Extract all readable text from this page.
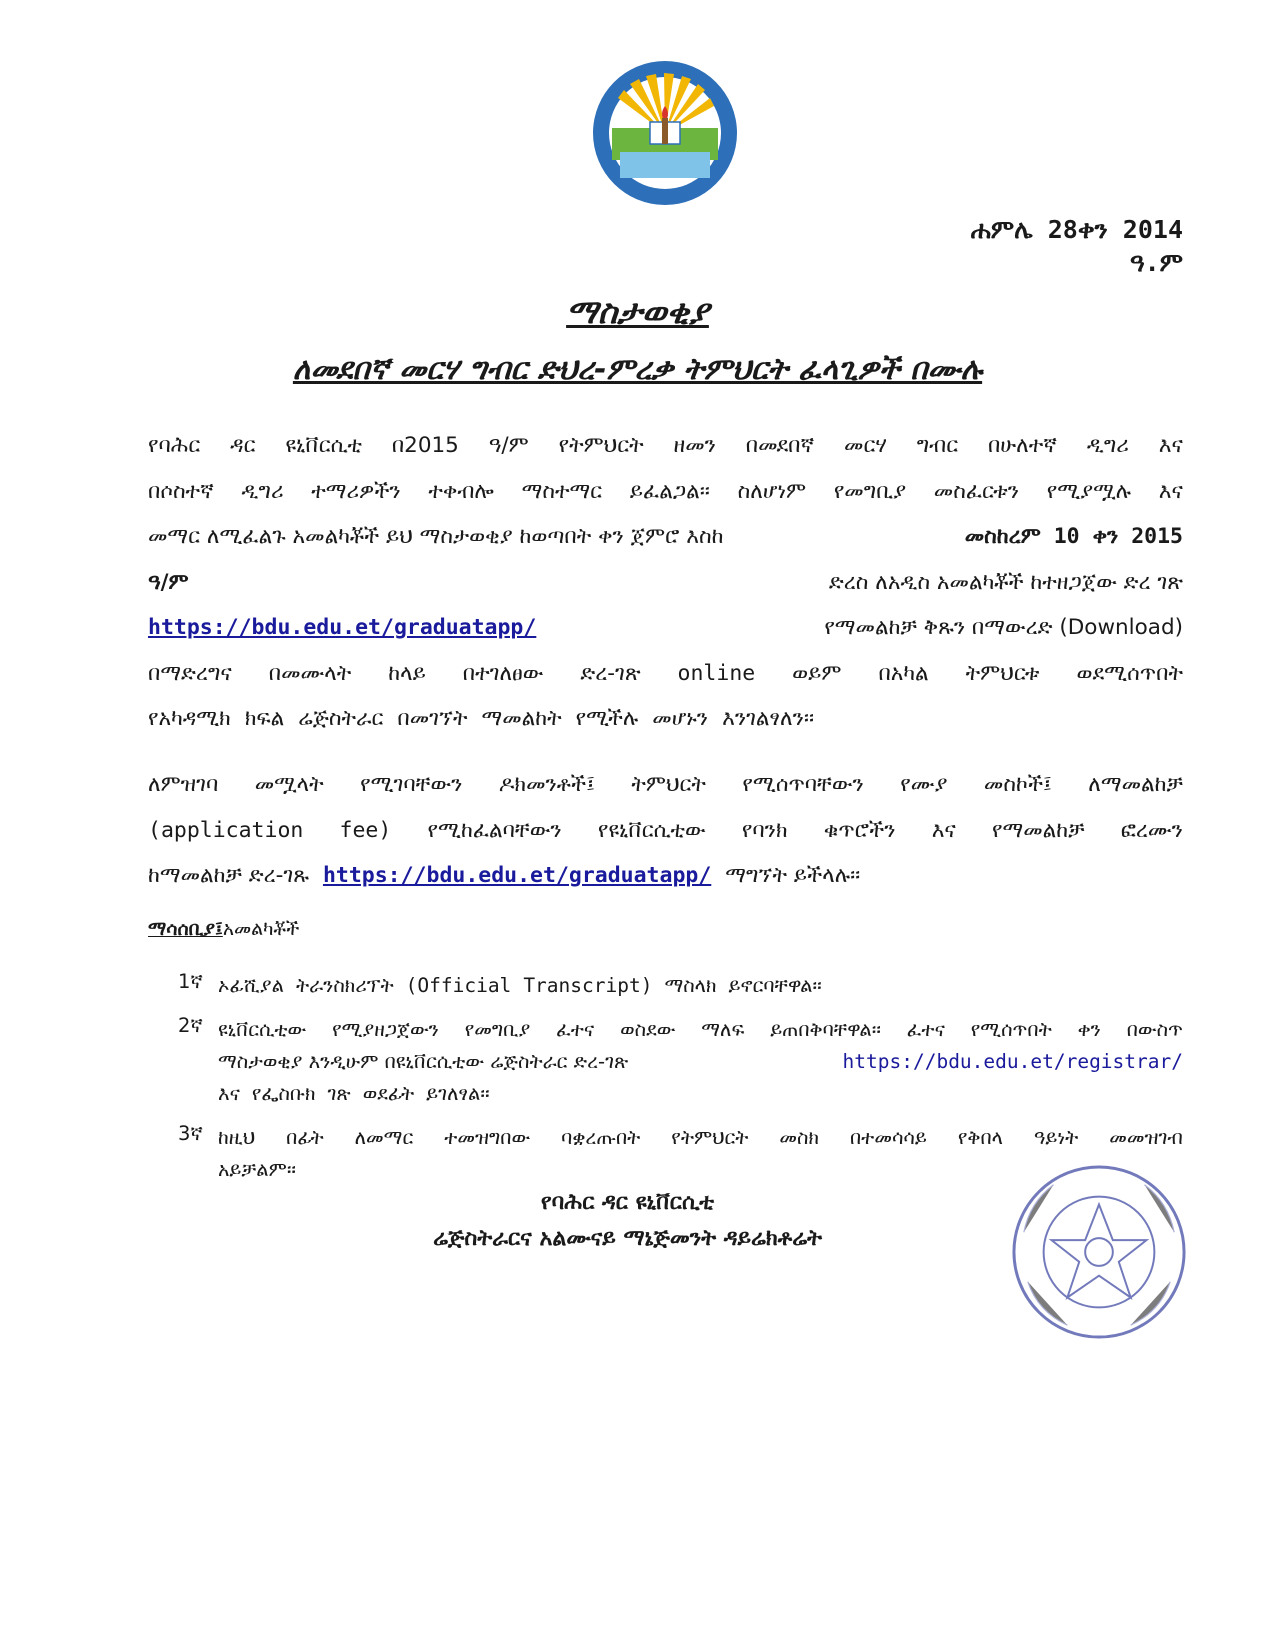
ሐምሌ 28ቀን 2014
ዓ.ም
ማስታወቂያ
ለመደበኛ መርሃ ግብር ድህረ-ምረቃ ትምህርት ፈላጊዎች በሙሉ
የባሕር ዳር ዩኒቨርሲቲ በ2015 ዓ/ም የትምህርት ዘመን በመደበኛ መርሃ ግብር በሁለተኛ ዲግሪ እና
በሶስተኛ ዲግሪ ተማሪዎችን ተቀብሎ ማስተማር ይፈልጋል፡፡ ስለሆነም የመግቢያ መስፈርቱን የሚያሟሉ እና
መማር ለሚፈልጉ አመልካቾች ይህ ማስታወቂያ ከወጣበት ቀን ጀምሮ እስከ	መስከረም 10 ቀን 2015
ዓ/ም	ድረስ ለአዲስ አመልካቾች ከተዘጋጀው ድረ ገጽ
https://bdu.edu.et/graduatapp/	የማመልከቻ ቅጹን በማውረድ (Download)
በማድረግና በመሙላት ከላይ በተገለፀው ድረ-ገጽ online ወይም በአካል ትምህርቱ ወደሚሰጥበት
የአካዳሚክ ክፍል ሬጅስትራር በመገኘት ማመልከት የሚችሉ መሆኑን እንገልፃለን፡፡
ለምዝገባ መሟላት የሚገባቸውን ዶክመንቶች፤ ትምህርት የሚሰጥባቸውን የሙያ መስኮች፤ ለማመልከቻ
(application fee) የሚከፈልባቸውን የዩኒቨርሲቲው የባንክ ቁጥሮችን እና የማመልከቻ ፎረሙን
ከማመልከቻ ድረ-ገጹ https://bdu.edu.et/graduatapp/ ማግኘት ይችላሉ፡፡
ማሳሰቢያ፤አመልካቾች
1ኛ ኦፊሺያል ትራንስክሪፕት (Official Transcript) ማስላክ ይኖርባቸዋል፡፡
2ኛ ዩኒቨርሲቲው የሚያዘጋጀውን የመግቢያ ፈተና ወስደው ማለፍ ይጠበቅባቸዋል፡፡ ፈተና የሚሰጥበት ቀን በውስጥ
ማስታወቂያ እንዲሁም በዩኒቨርሲቲው ሬጅስትራር ድረ-ገጽ	https://bdu.edu.et/registrar/
እና የፌስቡክ ገጽ ወደፊት ይገለፃል፡፡
3ኛ ከዚህ በፊት ለመማር ተመዝግበው ባቋረጡበት የትምህርት መስክ በተመሳሳይ የቅበላ ዓይነት መመዝገብ
አይቻልም፡፡
የባሕር ዳር ዩኒቨርሲቲ
ሬጅስትራርና አልሙናይ ማኔጅመንት ዳይሬክቶሬት
